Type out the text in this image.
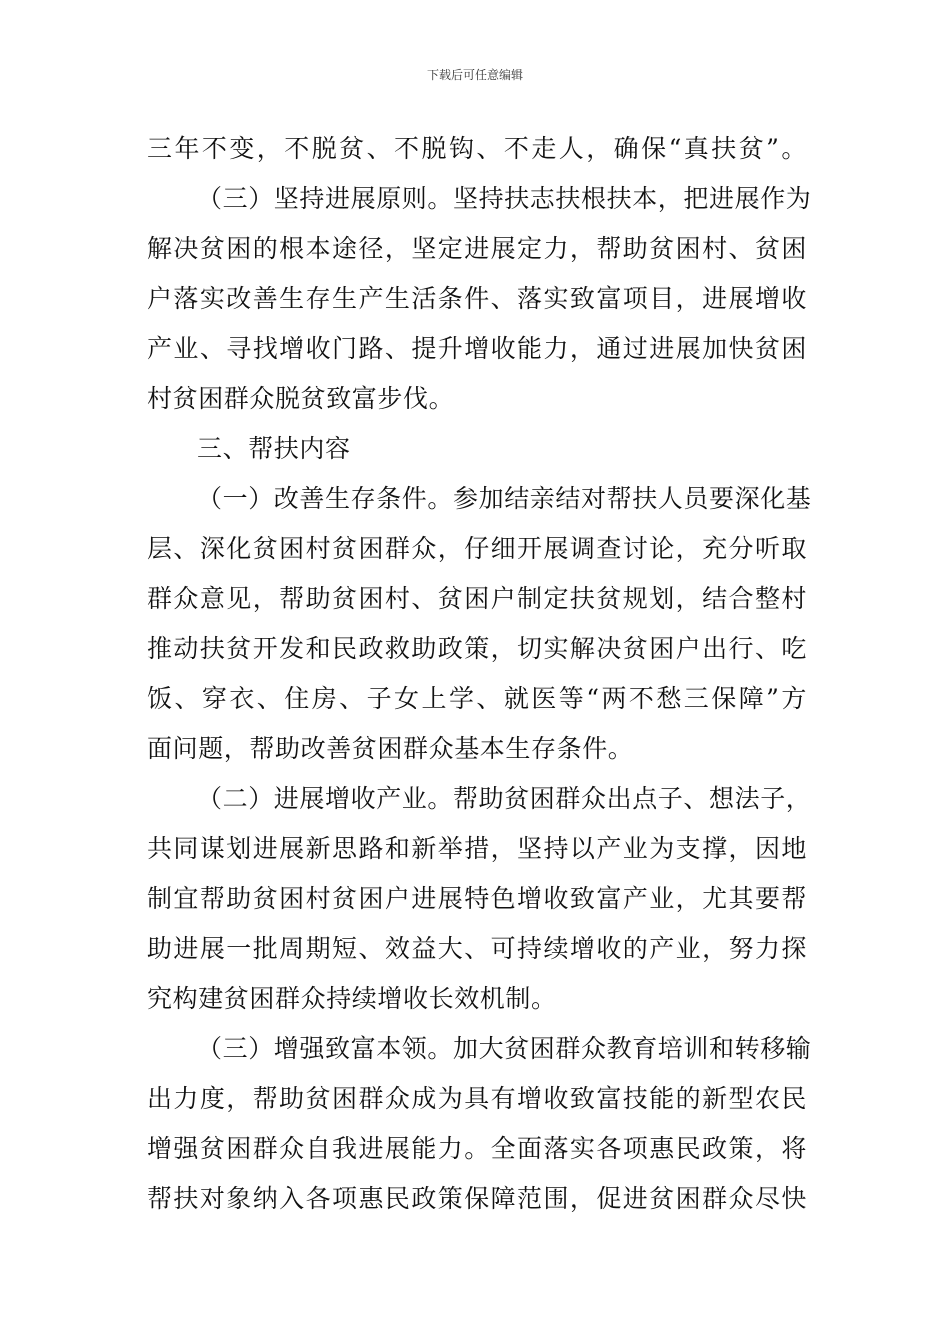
下载后可任意编辑
三年不变，不脱贫、不脱钩、不走人，确保“真扶贫”。
（三）坚持进展原则。坚持扶志扶根扶本，把进展作为
解决贫困的根本途径，坚定进展定力，帮助贫困村、贫困
户落实改善生存生产生活条件、落实致富项目，进展增收
产业、寻找增收门路、提升增收能力，通过进展加快贫困
村贫困群众脱贫致富步伐。
三、帮扶内容
（一）改善生存条件。参加结亲结对帮扶人员要深化基
层、深化贫困村贫困群众，仔细开展调查讨论，充分听取
群众意见，帮助贫困村、贫困户制定扶贫规划，结合整村
推动扶贫开发和民政救助政策，切实解决贫困户出行、吃
饭、穿衣、住房、子女上学、就医等“两不愁三保障”方
面问题，帮助改善贫困群众基本生存条件。
（二）进展增收产业。帮助贫困群众出点子、想法子，
共同谋划进展新思路和新举措，坚持以产业为支撑，因地
制宜帮助贫困村贫困户进展特色增收致富产业，尤其要帮
助进展一批周期短、效益大、可持续增收的产业，努力探
究构建贫困群众持续增收长效机制。
（三）增强致富本领。加大贫困群众教育培训和转移输
出力度，帮助贫困群众成为具有增收致富技能的新型农民
增强贫困群众自我进展能力。全面落实各项惠民政策，将
帮扶对象纳入各项惠民政策保障范围，促进贫困群众尽快
